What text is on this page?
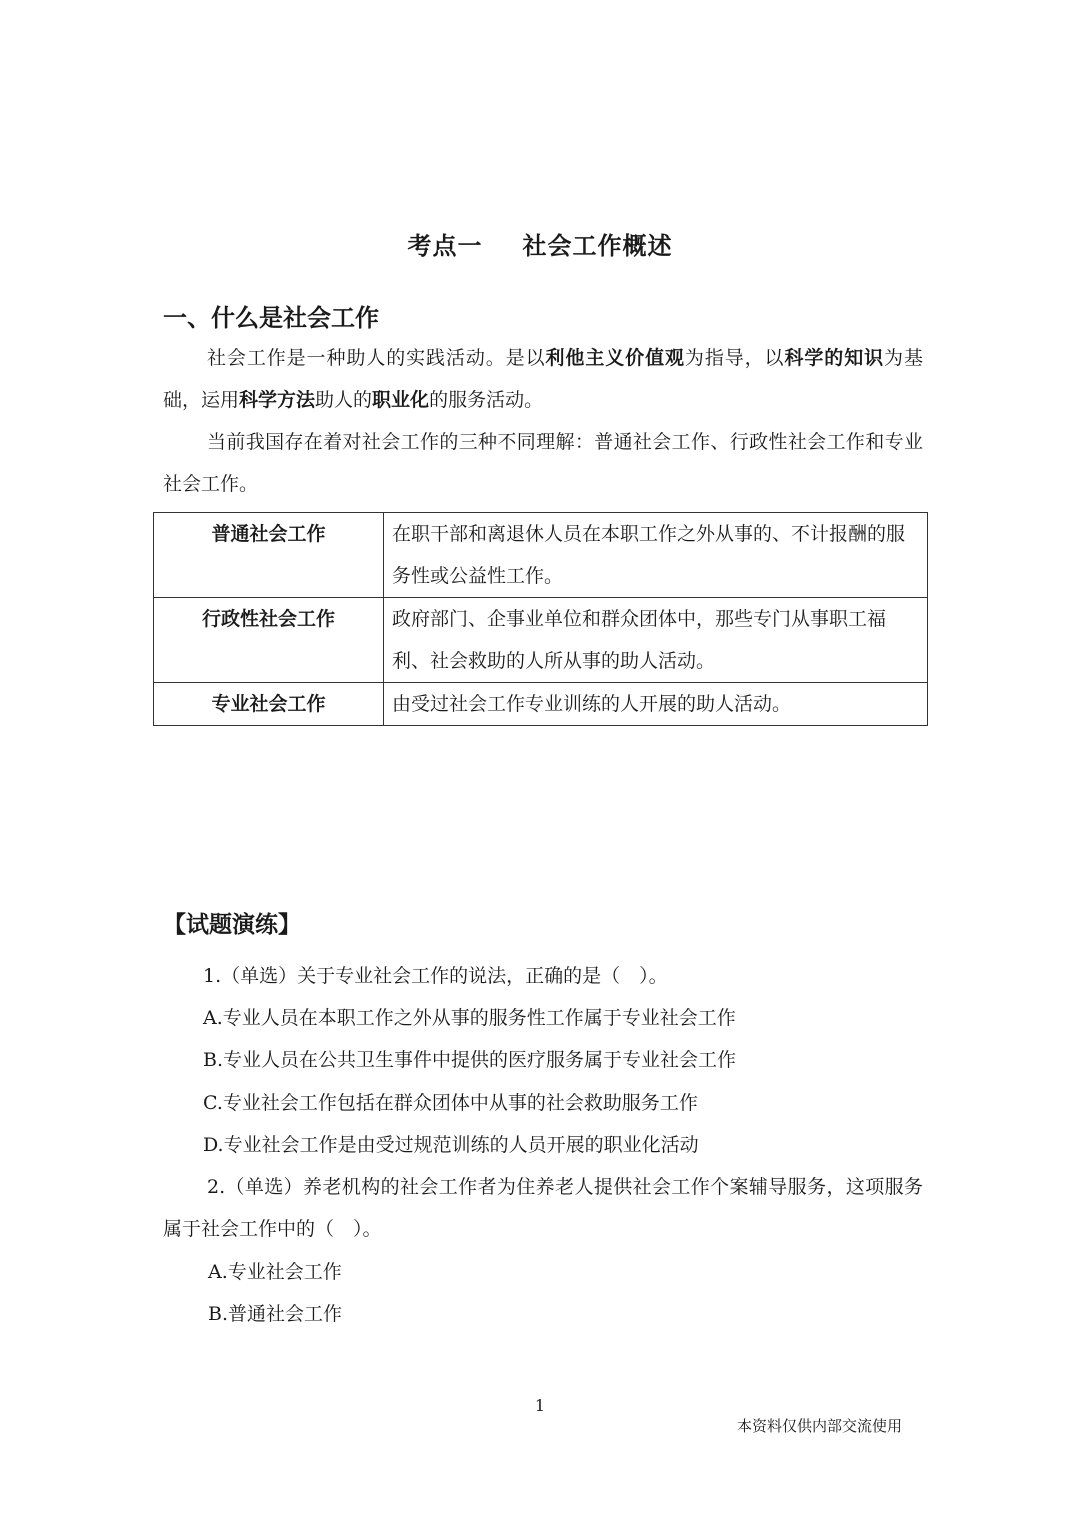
考点一 社会工作概述
一、什么是社会工作
社会工作是一种助人的实践活动。是以利他主义价值观为指导，以科学的知识为基础，运用科学方法助人的职业化的服务活动。
当前我国存在着对社会工作的三种不同理解：普通社会工作、行政性社会工作和专业社会工作。
普通社会工作	在职干部和离退休人员在本职工作之外从事的、不计报酬的服务性或公益性工作。
行政性社会工作	政府部门、企事业单位和群众团体中，那些专门从事职工福利、社会救助的人所从事的助人活动。
专业社会工作	由受过社会工作专业训练的人开展的助人活动。
【试题演练】
1.（单选）关于专业社会工作的说法，正确的是（　）。
A.专业人员在本职工作之外从事的服务性工作属于专业社会工作
B.专业人员在公共卫生事件中提供的医疗服务属于专业社会工作
C.专业社会工作包括在群众团体中从事的社会救助服务工作
D.专业社会工作是由受过规范训练的人员开展的职业化活动
2.（单选）养老机构的社会工作者为住养老人提供社会工作个案辅导服务，这项服务属于社会工作中的（　）。
A.专业社会工作
B.普通社会工作
1
本资料仅供内部交流使用
